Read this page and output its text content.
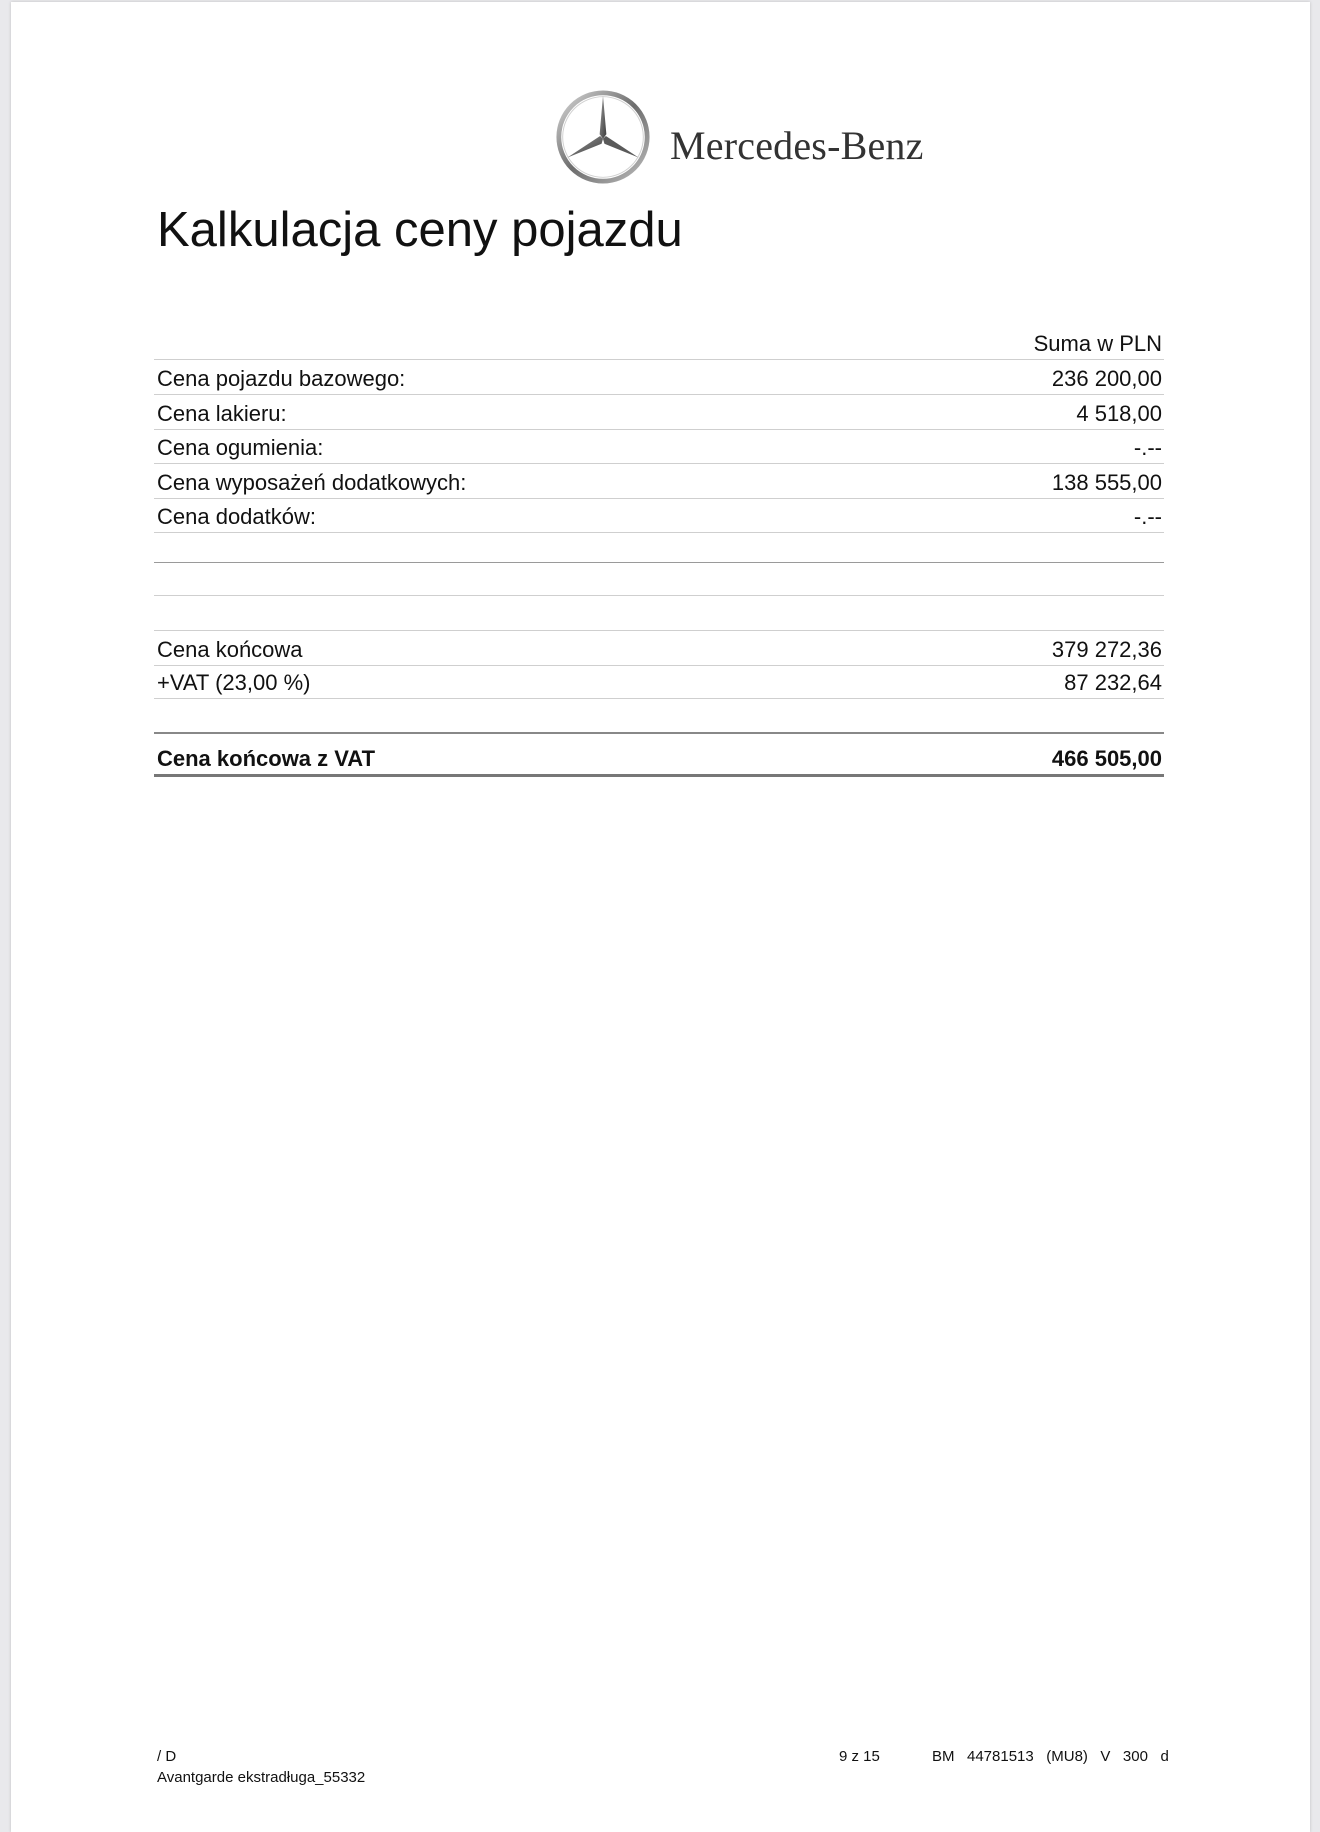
Mercedes-Benz
Kalkulacja ceny pojazdu
Suma w PLN
Cena pojazdu bazowego:	236 200,00
Cena lakieru:	4 518,00
Cena ogumienia:	-.--
Cena wyposażeń dodatkowych:	138 555,00
Cena dodatków:	-.--
Cena końcowa	379 272,36
+VAT (23,00 %)	87 232,64
Cena końcowa z VAT	466 505,00
/ D
Avantgarde ekstradługa_55332
9 z 15	BM   44781513   (MU8)   V   300   d
